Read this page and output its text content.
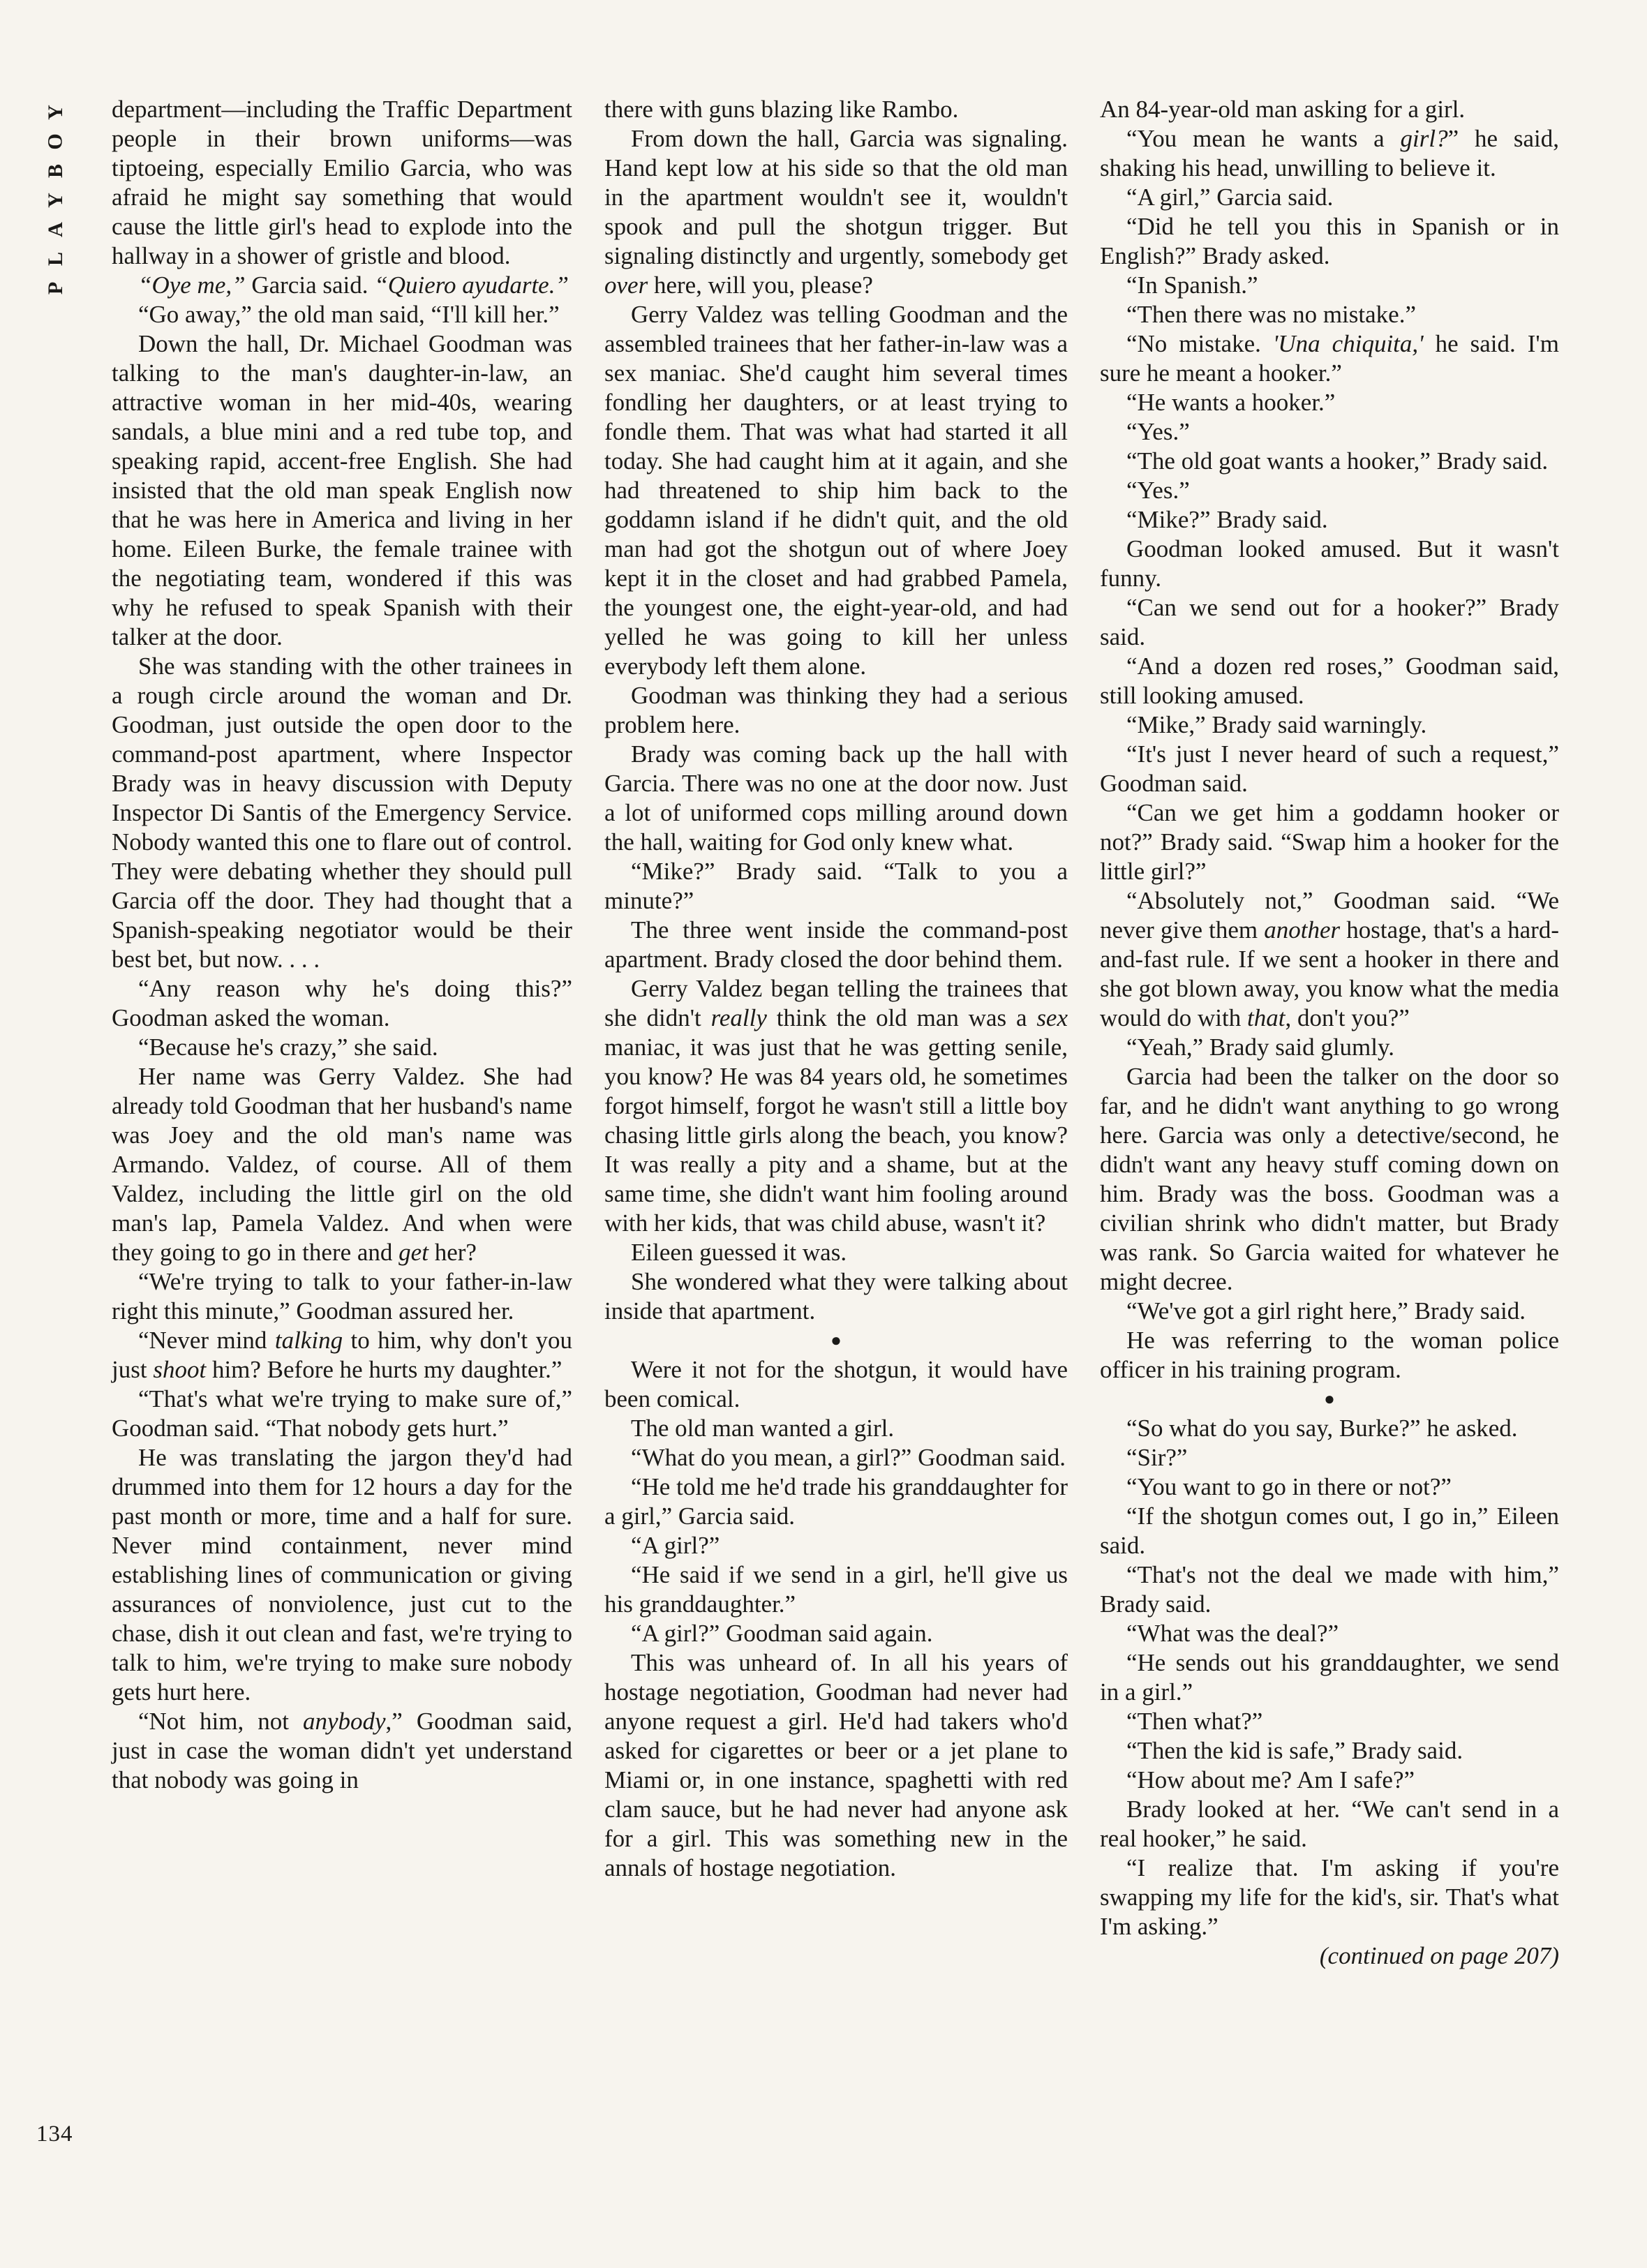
Y
O
B
Y
A
L
P
134

department—including the Traffic Department people in their brown uniforms—was tiptoeing, especially Emilio Garcia, who was afraid he might say something that would cause the little girl's head to explode into the hallway in a shower of gristle and blood.

“Oye me,” Garcia said. “Quiero ayudarte.”

“Go away,” the old man said, “I'll kill her.”

Down the hall, Dr. Michael Goodman was talking to the man's daughter-in-law, an attractive woman in her mid-40s, wearing sandals, a blue mini and a red tube top, and speaking rapid, accent-free English. She had insisted that the old man speak English now that he was here in America and living in her home. Eileen Burke, the female trainee with the negotiating team, wondered if this was why he refused to speak Spanish with their talker at the door.

She was standing with the other trainees in a rough circle around the woman and Dr. Goodman, just outside the open door to the command-post apartment, where Inspector Brady was in heavy discussion with Deputy Inspector Di Santis of the Emergency Service. Nobody wanted this one to flare out of control. They were debating whether they should pull Garcia off the door. They had thought that a Spanish-speaking negotiator would be their best bet, but now. . . .

“Any reason why he's doing this?” Goodman asked the woman.

“Because he's crazy,” she said.

Her name was Gerry Valdez. She had already told Goodman that her husband's name was Joey and the old man's name was Armando. Valdez, of course. All of them Valdez, including the little girl on the old man's lap, Pamela Valdez. And when were they going to go in there and get her?

“We're trying to talk to your father-in-law right this minute,” Goodman assured her.

“Never mind talking to him, why don't you just shoot him? Before he hurts my daughter.”

“That's what we're trying to make sure of,” Goodman said. “That nobody gets hurt.”

He was translating the jargon they'd had drummed into them for 12 hours a day for the past month or more, time and a half for sure. Never mind containment, never mind establishing lines of communication or giving assurances of nonviolence, just cut to the chase, dish it out clean and fast, we're trying to talk to him, we're trying to make sure nobody gets hurt here.

“Not him, not anybody,” Goodman said, just in case the woman didn't yet understand that nobody was going in

there with guns blazing like Rambo.

From down the hall, Garcia was signaling. Hand kept low at his side so that the old man in the apartment wouldn't see it, wouldn't spook and pull the shotgun trigger. But signaling distinctly and urgently, somebody get over here, will you, please?

Gerry Valdez was telling Goodman and the assembled trainees that her father-in-law was a sex maniac. She'd caught him several times fondling her daughters, or at least trying to fondle them. That was what had started it all today. She had caught him at it again, and she had threatened to ship him back to the goddamn island if he didn't quit, and the old man had got the shotgun out of where Joey kept it in the closet and had grabbed Pamela, the youngest one, the eight-year-old, and had yelled he was going to kill her unless everybody left them alone.

Goodman was thinking they had a serious problem here.

Brady was coming back up the hall with Garcia. There was no one at the door now. Just a lot of uniformed cops milling around down the hall, waiting for God only knew what.

“Mike?” Brady said. “Talk to you a minute?”

The three went inside the command-post apartment. Brady closed the door behind them.

Gerry Valdez began telling the trainees that she didn't really think the old man was a sex maniac, it was just that he was getting senile, you know? He was 84 years old, he sometimes forgot himself, forgot he wasn't still a little boy chasing little girls along the beach, you know? It was really a pity and a shame, but at the same time, she didn't want him fooling around with her kids, that was child abuse, wasn't it?

Eileen guessed it was.

She wondered what they were talking about inside that apartment.

●

Were it not for the shotgun, it would have been comical.

The old man wanted a girl.

“What do you mean, a girl?” Goodman said.

“He told me he'd trade his granddaughter for a girl,” Garcia said.

“A girl?”

“He said if we send in a girl, he'll give us his granddaughter.”

“A girl?” Goodman said again.

This was unheard of. In all his years of hostage negotiation, Goodman had never had anyone request a girl. He'd had takers who'd asked for cigarettes or beer or a jet plane to Miami or, in one instance, spaghetti with red clam sauce, but he had never had anyone ask for a girl. This was something new in the annals of hostage negotiation.

An 84-year-old man asking for a girl.

“You mean he wants a girl?” he said, shaking his head, unwilling to believe it.

“A girl,” Garcia said.

“Did he tell you this in Spanish or in English?” Brady asked.

“In Spanish.”

“Then there was no mistake.”

“No mistake. 'Una chiquita,' he said. I'm sure he meant a hooker.”

“He wants a hooker.”

“Yes.”

“The old goat wants a hooker,” Brady said.

“Yes.”

“Mike?” Brady said.

Goodman looked amused. But it wasn't funny.

“Can we send out for a hooker?” Brady said.

“And a dozen red roses,” Goodman said, still looking amused.

“Mike,” Brady said warningly.

“It's just I never heard of such a request,” Goodman said.

“Can we get him a goddamn hooker or not?” Brady said. “Swap him a hooker for the little girl?”

“Absolutely not,” Goodman said. “We never give them another hostage, that's a hard-and-fast rule. If we sent a hooker in there and she got blown away, you know what the media would do with that, don't you?”

“Yeah,” Brady said glumly.

Garcia had been the talker on the door so far, and he didn't want anything to go wrong here. Garcia was only a detective/second, he didn't want any heavy stuff coming down on him. Brady was the boss. Goodman was a civilian shrink who didn't matter, but Brady was rank. So Garcia waited for whatever he might decree.

“We've got a girl right here,” Brady said.

He was referring to the woman police officer in his training program.

●

“So what do you say, Burke?” he asked.

“Sir?”

“You want to go in there or not?”

“If the shotgun comes out, I go in,” Eileen said.

“That's not the deal we made with him,” Brady said.

“What was the deal?”

“He sends out his granddaughter, we send in a girl.”

“Then what?”

“Then the kid is safe,” Brady said.

“How about me? Am I safe?”

Brady looked at her. “We can't send in a real hooker,” he said.

“I realize that. I'm asking if you're swapping my life for the kid's, sir. That's what I'm asking.”

(continued on page 207)
